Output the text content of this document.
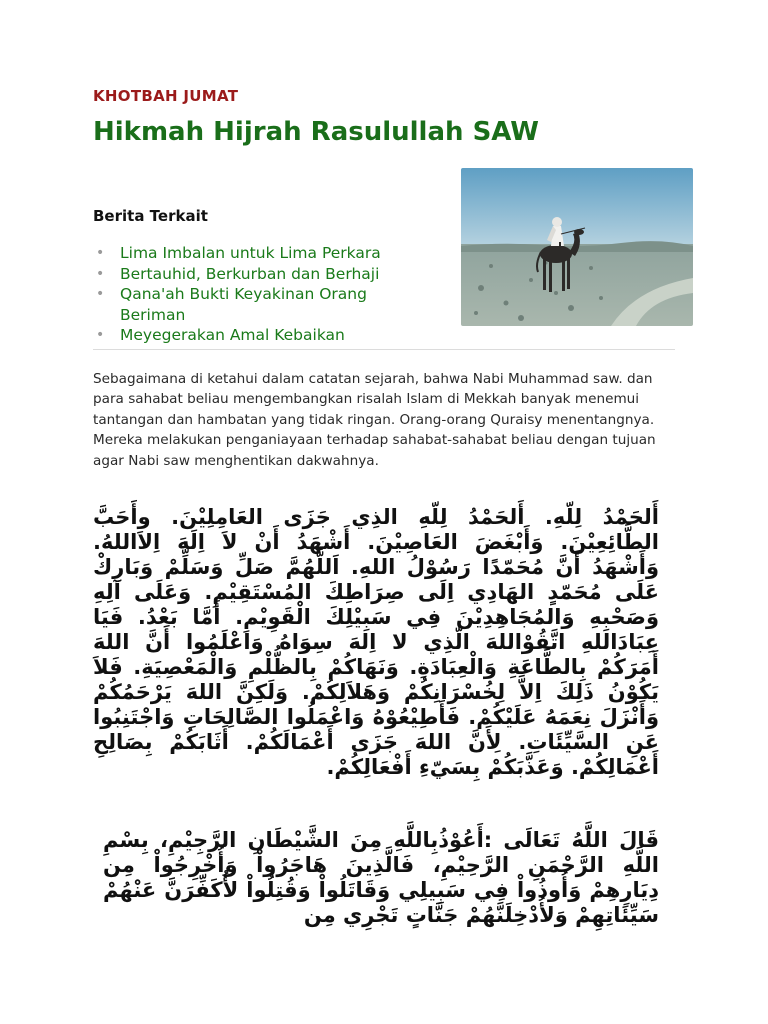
KHOTBAH JUMAT
Hikmah Hijrah Rasulullah SAW
Berita Terkait
• Lima Imbalan untuk Lima Perkara
• Bertauhid, Berkurban dan Berhaji
• Qana'ah Bukti Keyakinan Orang Beriman
• Meyegerakan Amal Kebaikan

Sebagaimana di ketahui dalam catatan sejarah, bahwa Nabi Muhammad saw. dan para sahabat beliau mengembangkan risalah Islam di Mekkah banyak menemui tantangan dan hambatan yang tidak ringan. Orang-orang Quraisy menentangnya. Mereka melakukan penganiayaan terhadap sahabat-sahabat beliau dengan tujuan agar Nabi saw menghentikan dakwahnya.

أَلحَمْدُ لِلّهِ. أَلحَمْدُ لِلّهِ الذِي جَزَى العَامِلِيْنَ. وأَحَبَّ الطَّائِعِيْنَ. وَأَبْغَضَ العَاصِيْنَ. أَشْهَدُ أَنْ لاَ اِلَهَ اِلاَاللهُ. وَأَشْهَدُ أَنَّ مُحَمّدًا رَسُوْلُ اللهِ. اَللَّهُمَّ صَلِّ وَسَلِّمْ وَبَارِكْ عَلَى مُحَمّدٍ الهَادِي اِلَى صِرَاطِكَ المُسْتَقِيْمِ. وَعَلَى آلِهِ وَصَحْبِهِ وَالمُجَاهِدِيْنَ فِي سَبِيْلِكَ الْقَوِيْمِ. أَمَّا بَعْدُ. فَيَا عِبَادَاللهِ اتَّقُوْاللهَ الّذِي لا اِلهَ سِوَاهُ وَاعْلَمُوا أَنَّ اللهَ أَمَرَكُمْ بِالطَّاعَةِ وَالْعِبَادَةِ. وَنَهَاكُمْ بِالظُّلْمِ وَالْمَعْصِيَةِ. فَلاَ يَكُوْنُ ذَلِكَ اِلاَّ لِخُسْرَانِكُمْ وَهَلاَلِكُمْ. وَلَكِنَّ اللهَ يَرْحَمُكُمْ وَأَنْزَلَ نِعَمَهُ عَلَيْكُمْ. فَأَطِيْعُوْهُ وَاعْمَلُوا الصَّالِحَاتِ وَاجْتَنِبُوا عَنِ السَّيِّئَاتِ. لِأَنَّ اللهَ جَزَى أَعْمَالَكُمْ. أَثَابَكُمْ بِصَالِحِ أَعْمَالِكُمْ. وَعَذَّبَكُمْ بِسَيّءِ أَفْعَالِكُمْ.

قَالَ اللَّهُ تَعَالَى :أَعُوْذُبِاللَّهِ مِنَ الشَّيْطَانِ الرَّجِيْمِ، بِسْمِ اللَّهِ الرَّحْمَنِ الرَّحِيْمِ، فَالَّذِينَ هَاجَرُواْ وَأُخْرِجُواْ مِن دِيَارِهِمْ وَأُوذُواْ فِي سَبِيلِي وَقَاتَلُواْ وَقُتِلُواْ لأُكَفِّرَنَّ عَنْهُمْ سَيِّئَاتِهِمْ وَلأُدْخِلَنَّهُمْ جَنَّاتٍ تَجْرِي مِن
